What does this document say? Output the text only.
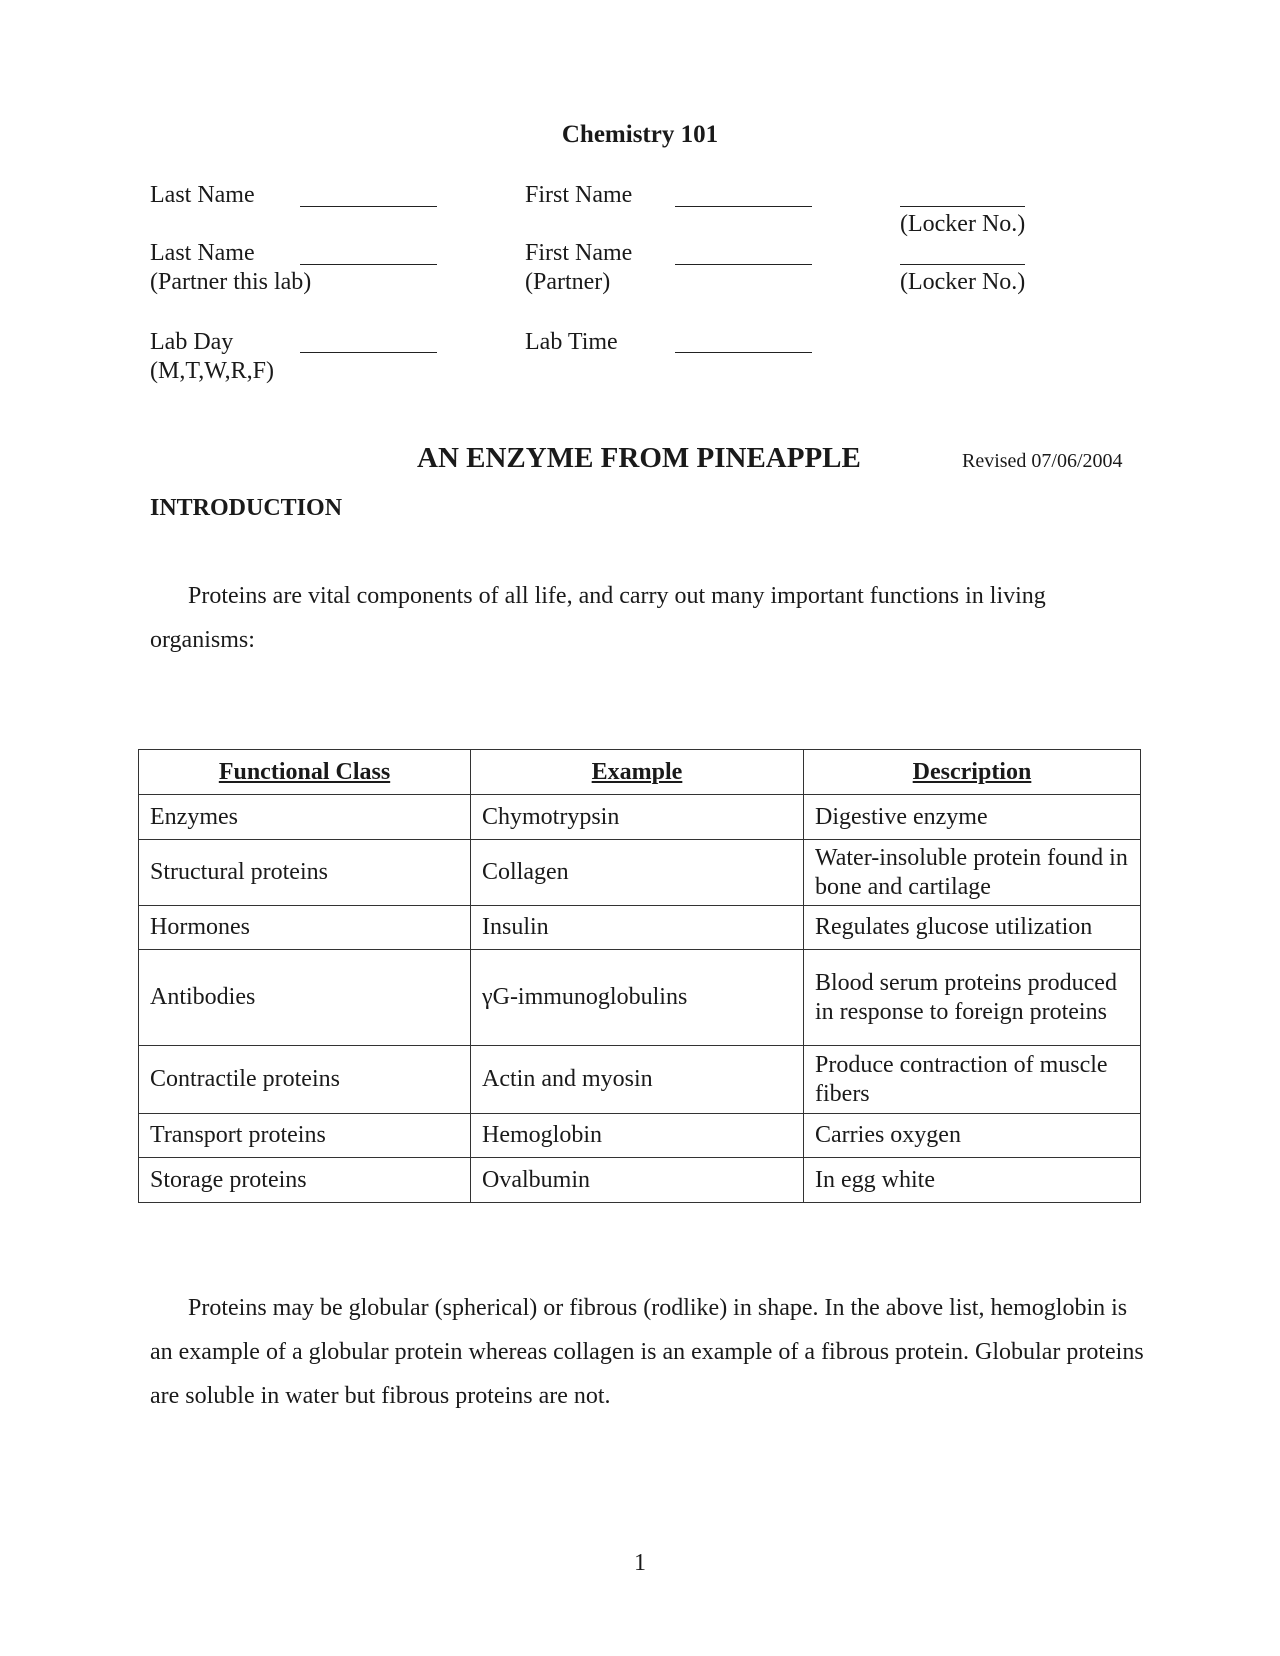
Chemistry 101
Last Name	First Name
(Locker No.)
Last Name
(Partner this lab)
First Name
(Partner)	(Locker No.)
Lab Day
(M,T,W,R,F)
Lab Time
AN ENZYME FROM PINEAPPLE	Revised 07/06/2004
INTRODUCTION
Proteins are vital components of all life, and carry out many important functions in living organisms:
Functional Class	Example	Description
Enzymes	Chymotrypsin	Digestive enzyme
Structural proteins	Collagen	Water-insoluble protein found in bone and cartilage
Hormones	Insulin	Regulates glucose utilization
Antibodies	γG-immunoglobulins	Blood serum proteins produced in response to foreign proteins
Contractile proteins	Actin and myosin	Produce contraction of muscle fibers
Transport proteins	Hemoglobin	Carries oxygen
Storage proteins	Ovalbumin	In egg white
Proteins may be globular (spherical) or fibrous (rodlike) in shape. In the above list, hemoglobin is an example of a globular protein whereas collagen is an example of a fibrous protein. Globular proteins are soluble in water but fibrous proteins are not.
1
